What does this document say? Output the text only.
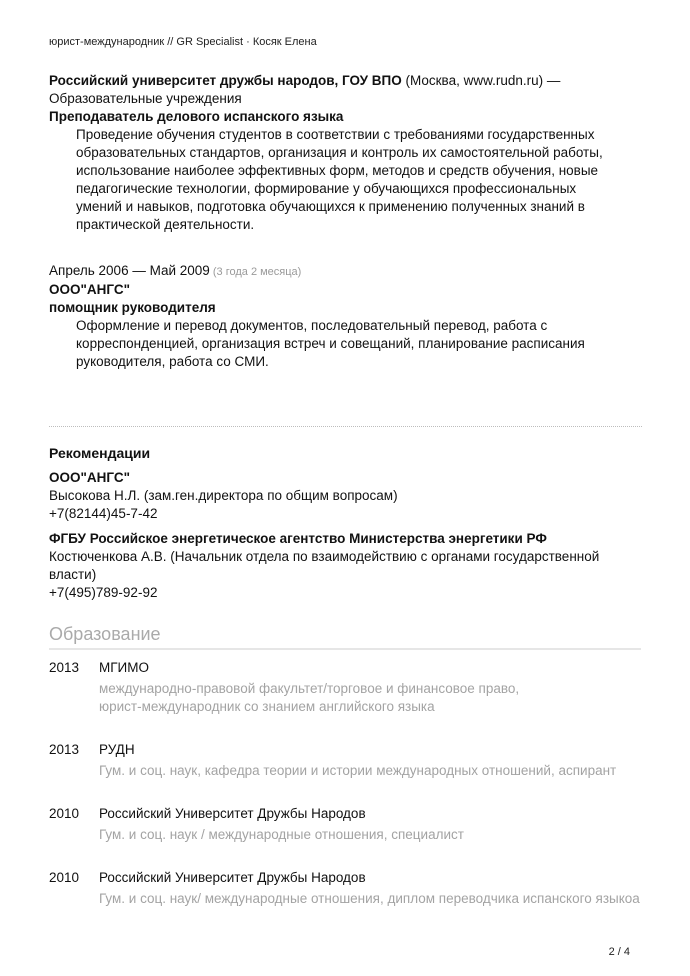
юрист-международник // GR Specialist · Косяк Елена
Российский университет дружбы народов, ГОУ ВПО (Москва, www.rudn.ru) —
Образовательные учреждения
Преподаватель делового испанского языка
Проведение обучения студентов в соответствии с требованиями государственных образовательных стандартов, организация и контроль их самостоятельной работы, использование наиболее эффективных форм, методов и средств обучения, новые педагогические технологии, формирование у обучающихся профессиональных умений и навыков, подготовка обучающихся к применению полученных знаний в практической деятельности.
Апрель 2006 — Май 2009 (3 года 2 месяца)
ООО"АНГС"
помощник руководителя
Оформление и перевод документов, последовательный перевод, работа с корреспонденцией, организация встреч и совещаний, планирование расписания руководителя, работа со СМИ.
Рекомендации
ООО"АНГС"
Высокова Н.Л. (зам.ген.директора по общим вопросам)
+7(82144)45-7-42
ФГБУ Российское энергетическое агентство Министерства энергетики РФ
Костюченкова А.В. (Начальник отдела по взаимодействию с органами государственной власти)
+7(495)789-92-92
Образование
2013 МГИМО
международно-правовой факультет/торговое и финансовое право,
юрист-международник со знанием английского языка
2013 РУДН
Гум. и соц. наук, кафедра теории и истории международных отношений, аспирант
2010 Российский Университет Дружбы Народов
Гум. и соц. наук / международные отношения, специалист
2010 Российский Университет Дружбы Народов
Гум. и соц. наук/ международные отношения, диплом переводчика испанского языкоа
2 / 4
